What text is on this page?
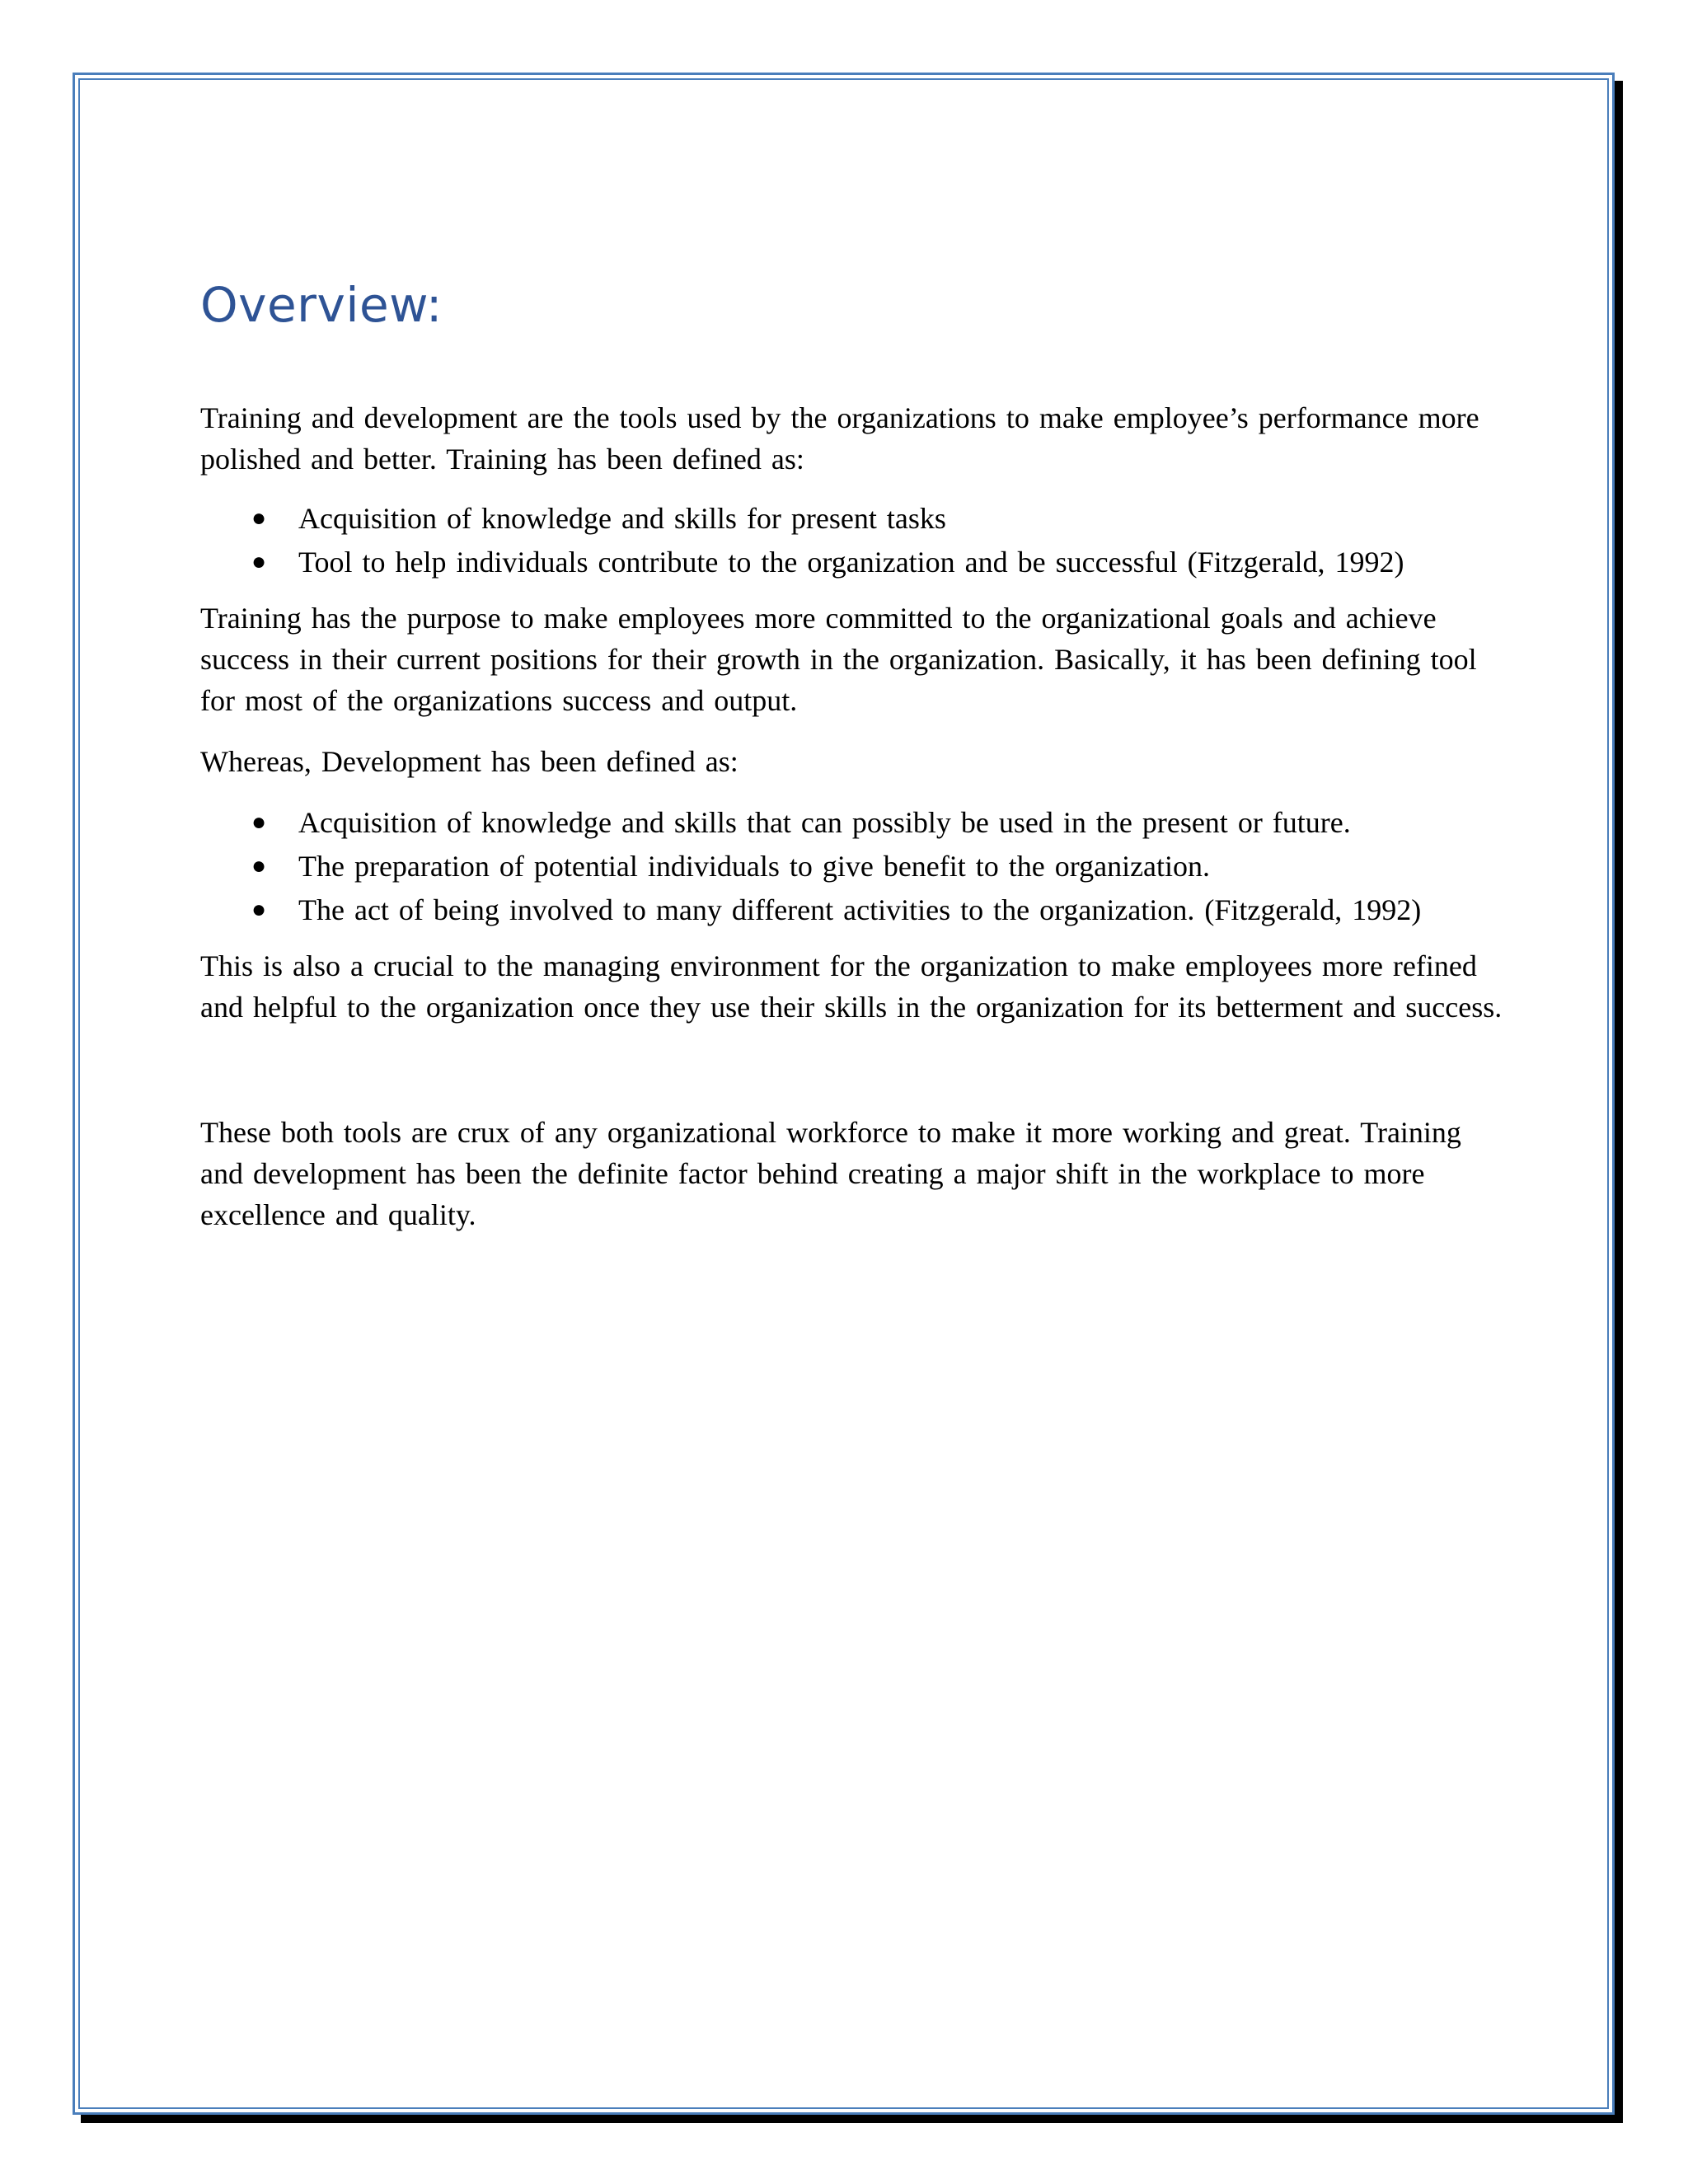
Overview:

Training and development are the tools used by the organizations to make employee’s performance more polished and better. Training has been defined as:

● Acquisition of knowledge and skills for present tasks
● Tool to help individuals contribute to the organization and be successful (Fitzgerald, 1992)

Training has the purpose to make employees more committed to the organizational goals and achieve success in their current positions for their growth in the organization. Basically, it has been defining tool for most of the organizations success and output.

Whereas, Development has been defined as:

● Acquisition of knowledge and skills that can possibly be used in the present or future.
● The preparation of potential individuals to give benefit to the organization.
● The act of being involved to many different activities to the organization. (Fitzgerald, 1992)

This is also a crucial to the managing environment for the organization to make employees more refined and helpful to the organization once they use their skills in the organization for its betterment and success.

These both tools are crux of any organizational workforce to make it more working and great. Training and development has been the definite factor behind creating a major shift in the workplace to more excellence and quality.
